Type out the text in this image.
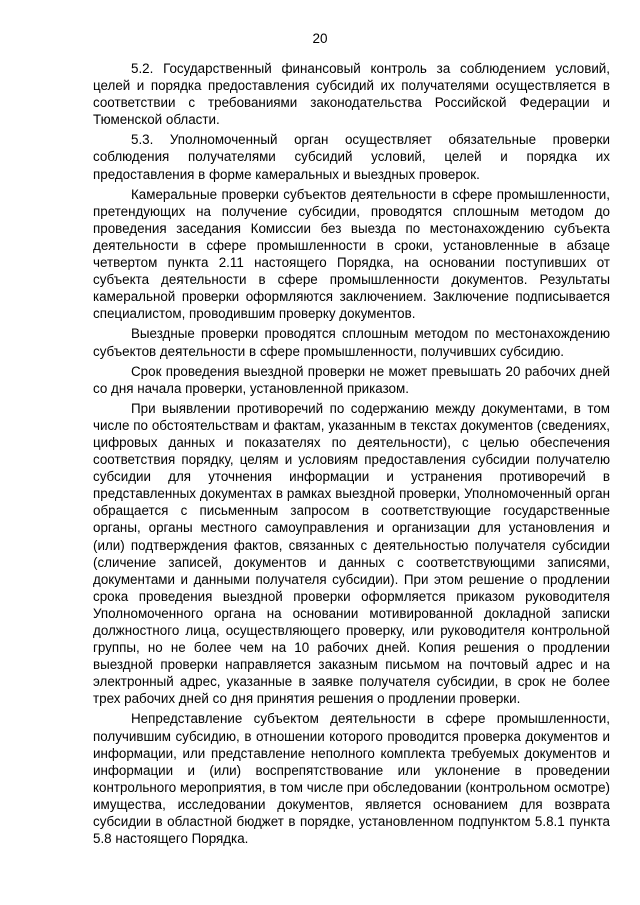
20

5.2. Государственный финансовый контроль за соблюдением условий, целей и порядка предоставления субсидий их получателями осуществляется в соответствии с требованиями законодательства Российской Федерации и Тюменской области.

5.3. Уполномоченный орган осуществляет обязательные проверки соблюдения получателями субсидий условий, целей и порядка их предоставления в форме камеральных и выездных проверок.

Камеральные проверки субъектов деятельности в сфере промышленности, претендующих на получение субсидии, проводятся сплошным методом до проведения заседания Комиссии без выезда по местонахождению субъекта деятельности в сфере промышленности в сроки, установленные в абзаце четвертом пункта 2.11 настоящего Порядка, на основании поступивших от субъекта деятельности в сфере промышленности документов. Результаты камеральной проверки оформляются заключением. Заключение подписывается специалистом, проводившим проверку документов.

Выездные проверки проводятся сплошным методом по местонахождению субъектов деятельности в сфере промышленности, получивших субсидию.

Срок проведения выездной проверки не может превышать 20 рабочих дней со дня начала проверки, установленной приказом.

При выявлении противоречий по содержанию между документами, в том числе по обстоятельствам и фактам, указанным в текстах документов (сведениях, цифровых данных и показателях по деятельности), с целью обеспечения соответствия порядку, целям и условиям предоставления субсидии получателю субсидии для уточнения информации и устранения противоречий в представленных документах в рамках выездной проверки, Уполномоченный орган обращается с письменным запросом в соответствующие государственные органы, органы местного самоуправления и организации для установления и (или) подтверждения фактов, связанных с деятельностью получателя субсидии (сличение записей, документов и данных с соответствующими записями, документами и данными получателя субсидии). При этом решение о продлении срока проведения выездной проверки оформляется приказом руководителя Уполномоченного органа на основании мотивированной докладной записки должностного лица, осуществляющего проверку, или руководителя контрольной группы, но не более чем на 10 рабочих дней. Копия решения о продлении выездной проверки направляется заказным письмом на почтовый адрес и на электронный адрес, указанные в заявке получателя субсидии, в срок не более трех рабочих дней со дня принятия решения о продлении проверки.

Непредставление субъектом деятельности в сфере промышленности, получившим субсидию, в отношении которого проводится проверка документов и информации, или представление неполного комплекта требуемых документов и информации и (или) воспрепятствование или уклонение в проведении контрольного мероприятия, в том числе при обследовании (контрольном осмотре) имущества, исследовании документов, является основанием для возврата субсидии в областной бюджет в порядке, установленном подпунктом 5.8.1 пункта 5.8 настоящего Порядка.
